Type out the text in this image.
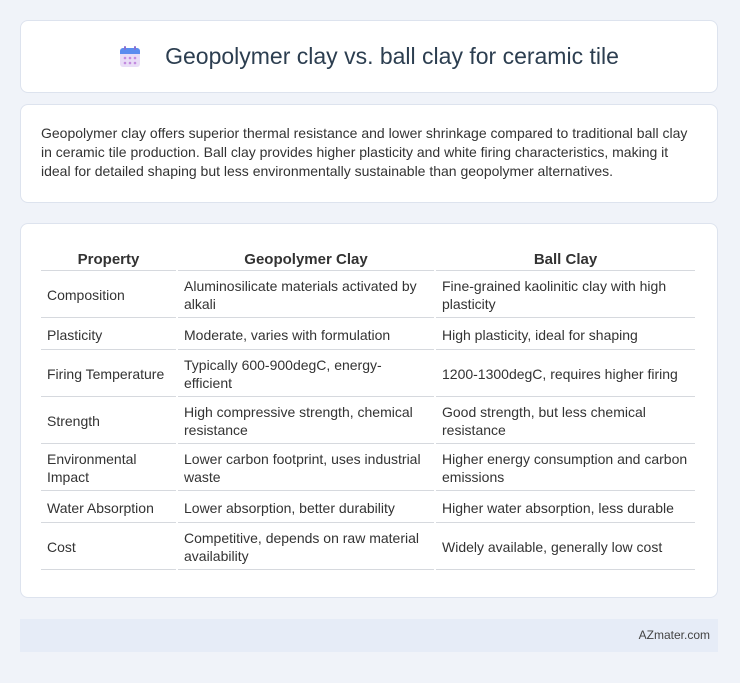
Geopolymer clay vs. ball clay for ceramic tile

Geopolymer clay offers superior thermal resistance and lower shrinkage compared to traditional ball clay in ceramic tile production. Ball clay provides higher plasticity and white firing characteristics, making it ideal for detailed shaping but less environmentally sustainable than geopolymer alternatives.

Property	Geopolymer Clay	Ball Clay
Composition	Aluminosilicate materials activated by alkali	Fine-grained kaolinitic clay with high plasticity
Plasticity	Moderate, varies with formulation	High plasticity, ideal for shaping
Firing Temperature	Typically 600-900degC, energy-efficient	1200-1300degC, requires higher firing
Strength	High compressive strength, chemical resistance	Good strength, but less chemical resistance
Environmental Impact	Lower carbon footprint, uses industrial waste	Higher energy consumption and carbon emissions
Water Absorption	Lower absorption, better durability	Higher water absorption, less durable
Cost	Competitive, depends on raw material availability	Widely available, generally low cost
AZmater.com
